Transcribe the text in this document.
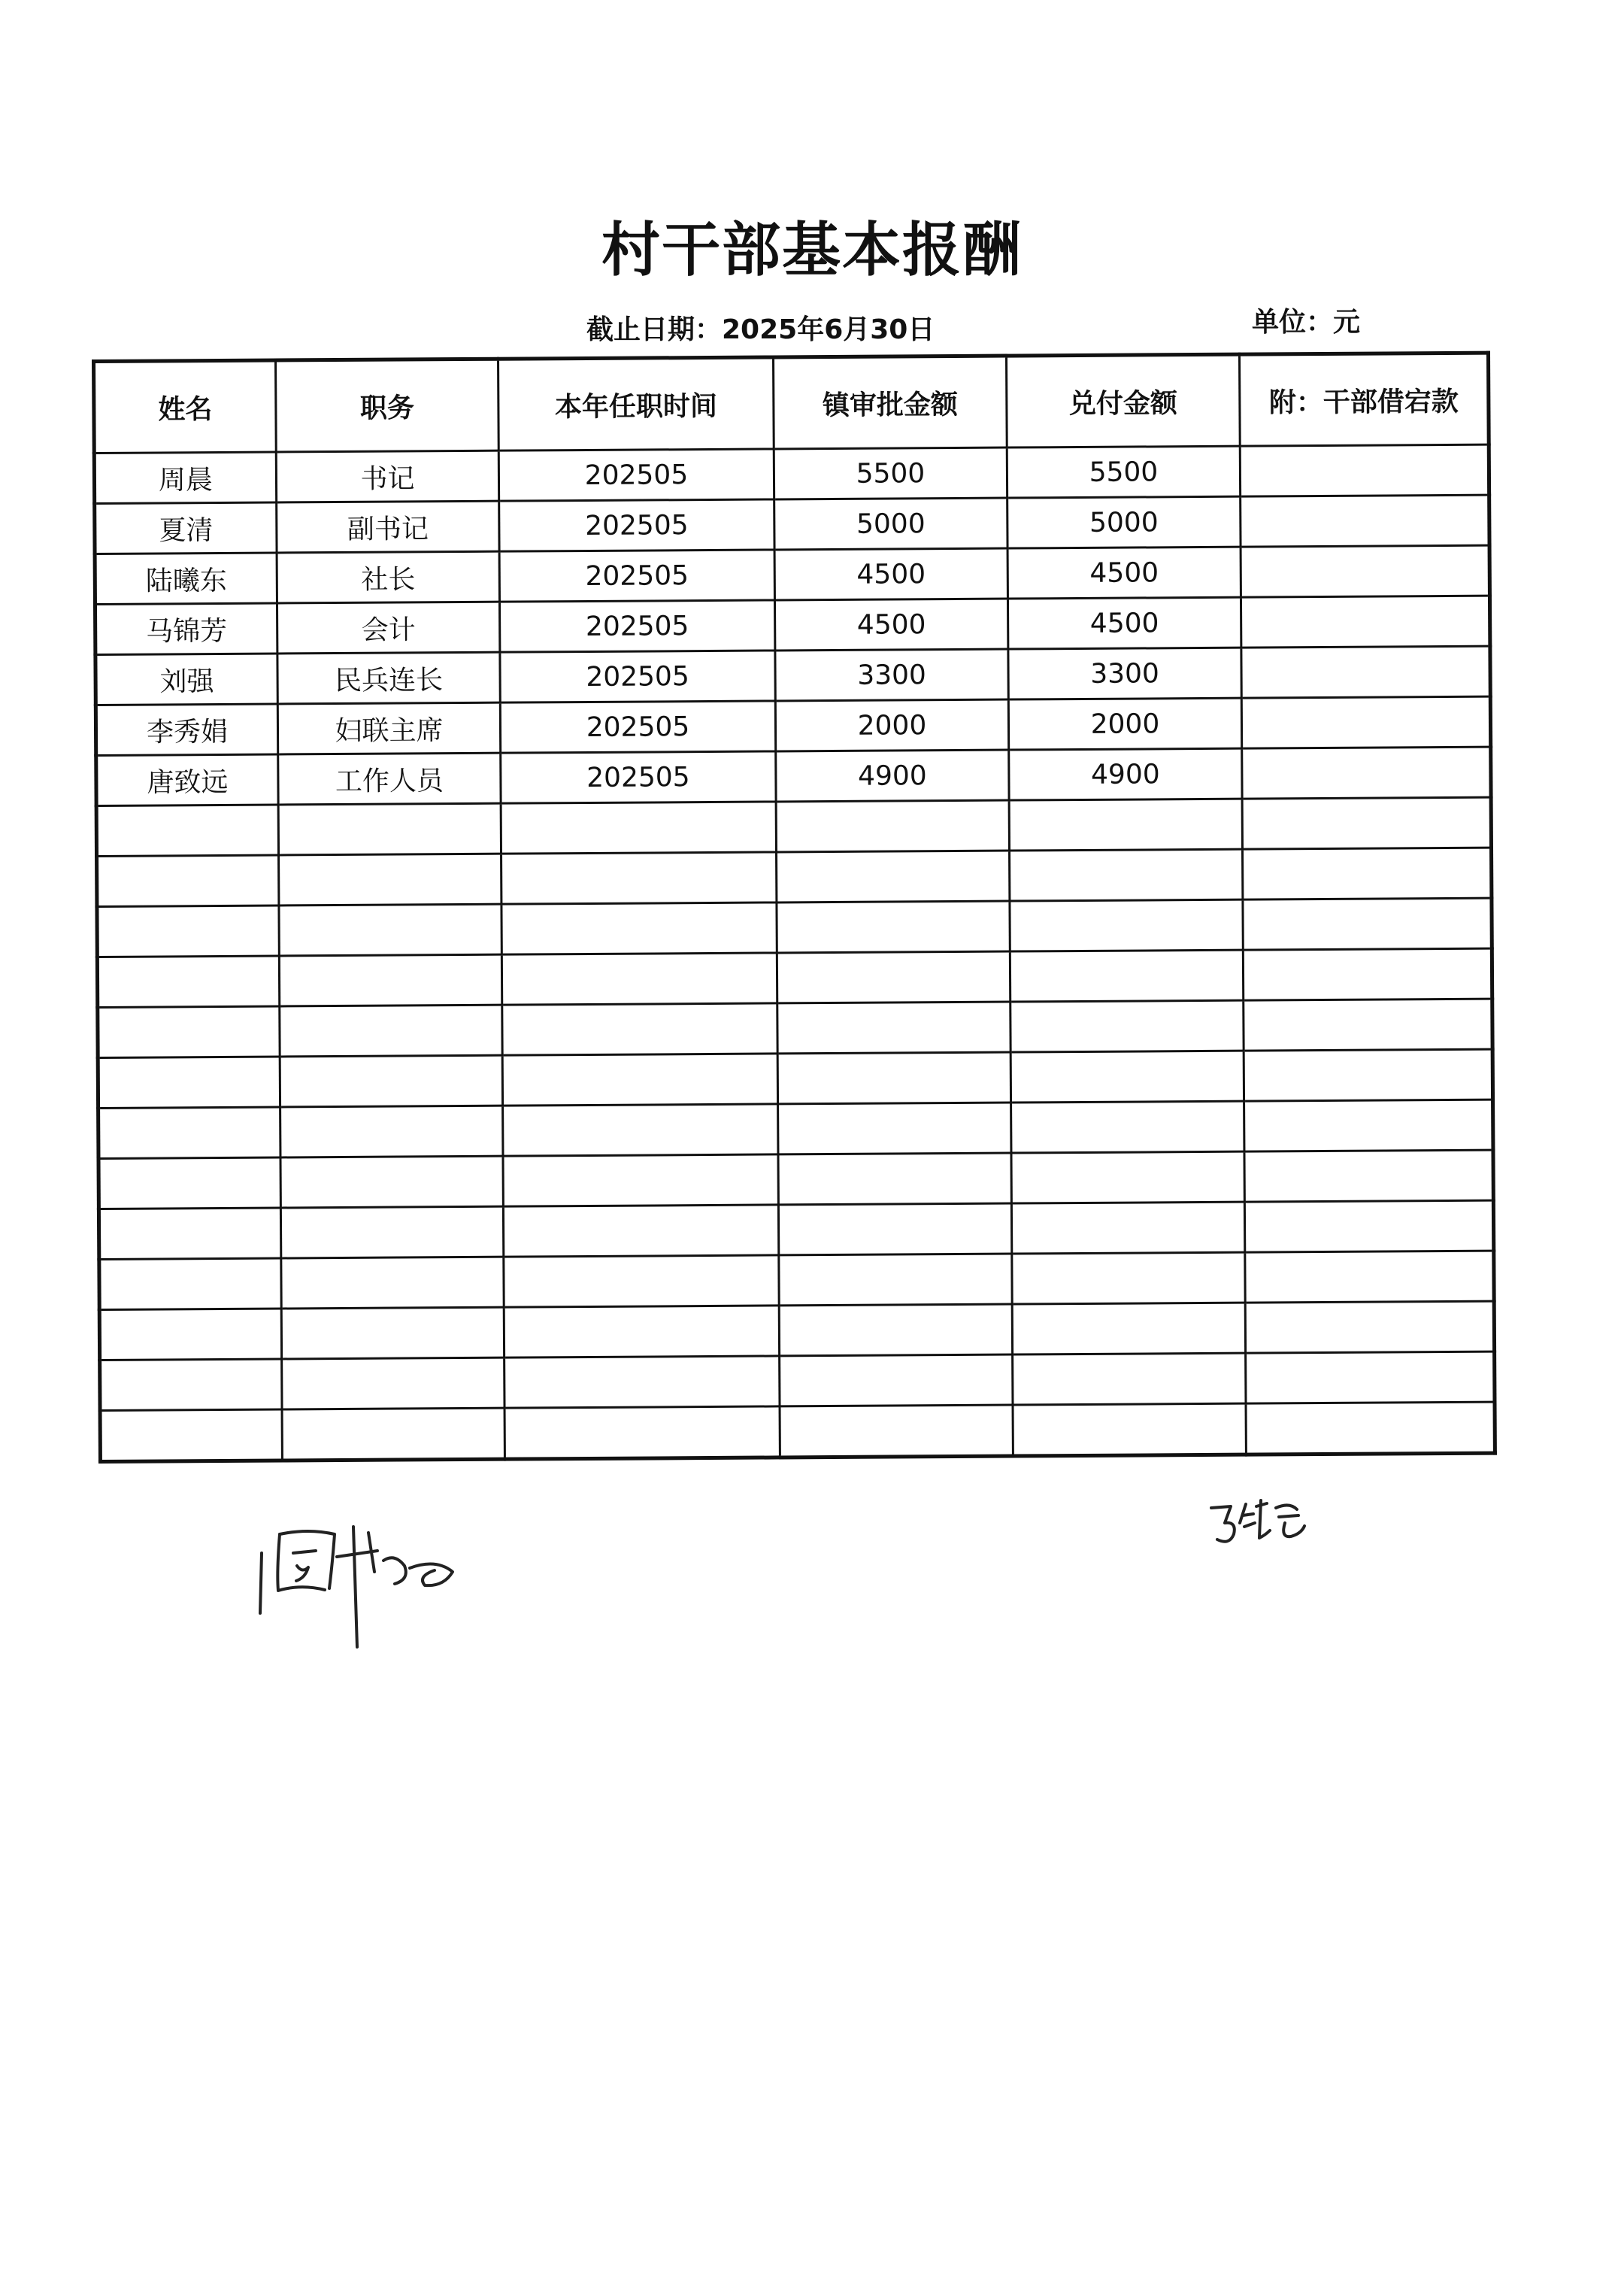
村干部基本报酬
截止日期：2025年6月30日	单位：元
姓名	职务	本年任职时间	镇审批金额	兑付金额	附：干部借宕款
周晨	书记	202505	5500	5500	
夏清	副书记	202505	5000	5000	
陆曦东	社长	202505	4500	4500	
马锦芳	会计	202505	4500	4500	
刘强	民兵连长	202505	3300	3300	
李秀娟	妇联主席	202505	2000	2000	
唐致远	工作人员	202505	4900	4900	
